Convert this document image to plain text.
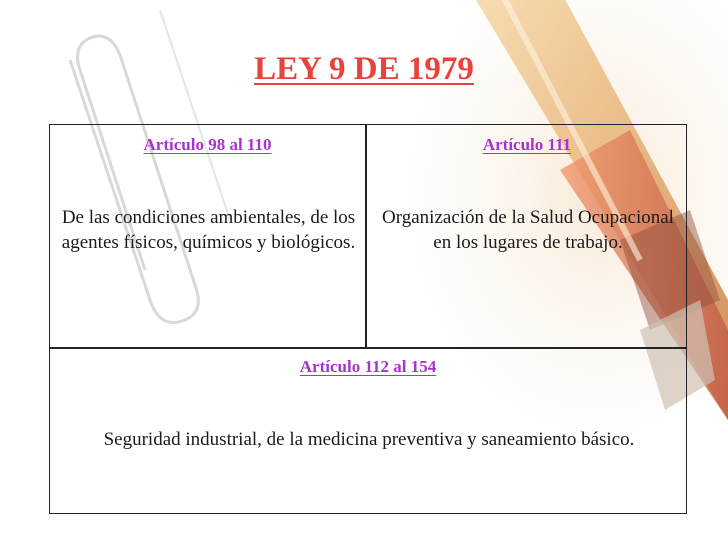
LEY 9 DE 1979
Artículo 98 al 110
De las condiciones ambientales, de los agentes físicos, químicos y biológicos.
Artículo 111
Organización de la Salud Ocupacional en los lugares de trabajo.
Artículo 112 al 154
Seguridad industrial, de la medicina preventiva y saneamiento básico.
